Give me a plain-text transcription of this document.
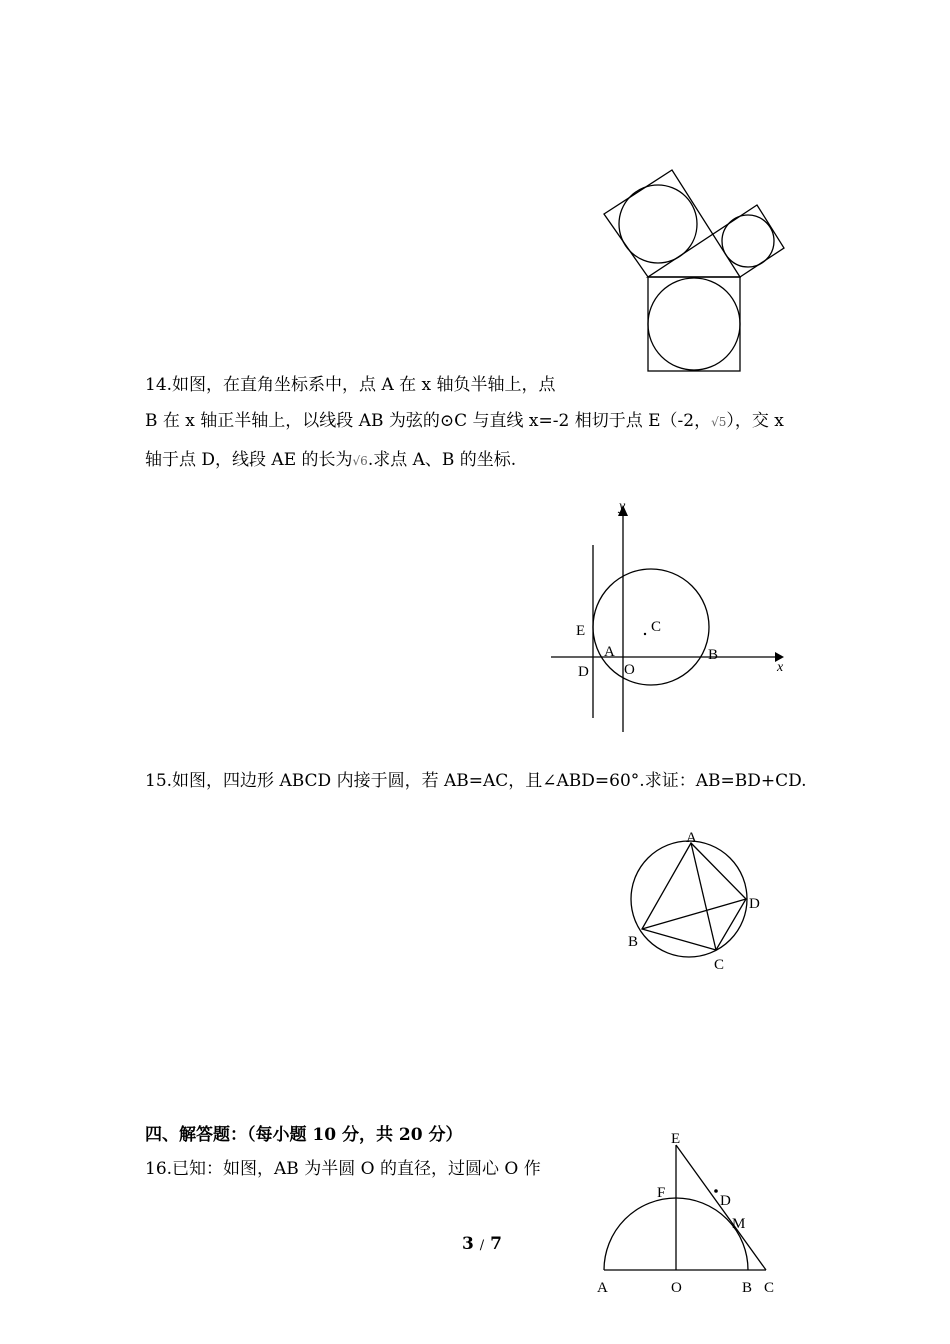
14.如图，在直角坐标系中，点 A 在 x 轴负半轴上，点
B 在 x 轴正半轴上，以线段 AB 为弦的⊙C 与直线 x=-2 相切于点 E（-2，√5），交 x
轴于点 D，线段 AE 的长为√6.求点 A、B 的坐标.
y
x
E	C
A
D O
B
15.如图，四边形 ABCD 内接于圆，若 AB=AC，且∠ABD=60°.求证：AB=BD+CD.
A
B
C
D
四、解答题：（每小题 10 分，共 20 分）
16.已知：如图，AB 为半圆 O 的直径，过圆心 O 作
E
F	D
M
A	O	B C
3 / 7
